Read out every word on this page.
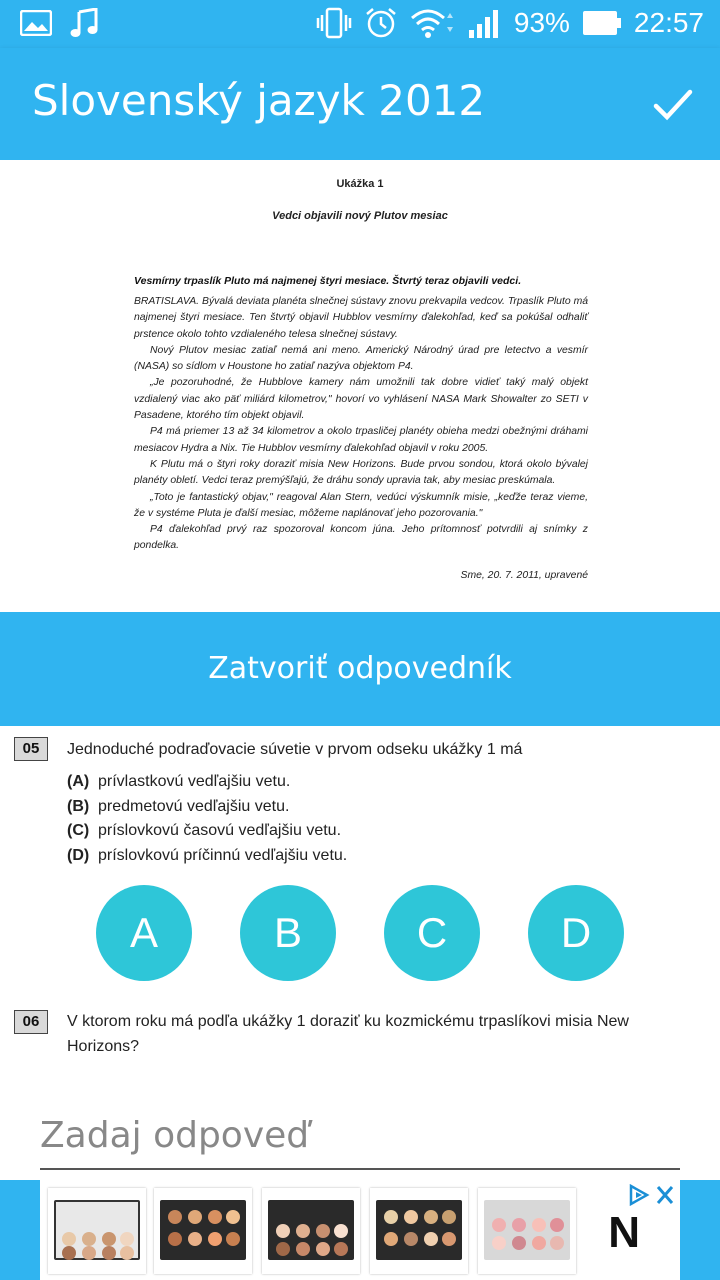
93% 22:57
Slovenský jazyk 2012
Ukážka 1
Vedci objavili nový Plutov mesiac
Vesmírny trpaslík Pluto má najmenej štyri mesiace. Štvrtý teraz objavili vedci.

BRATISLAVA. Bývalá deviata planéta slnečnej sústavy znovu prekvapila vedcov. Trpaslík Pluto má najmenej štyri mesiace. Ten štvrtý objavil Hubblov vesmírny ďalekohľad, keď sa pokúšal odhaliť prstence okolo tohto vzdialeného telesa slnečnej sústavy.

Nový Plutov mesiac zatiaľ nemá ani meno. Americký Národný úrad pre letectvo a vesmír (NASA) so sídlom v Houstone ho zatiaľ nazýva objektom P4.

„Je pozoruhodné, že Hubblove kamery nám umožnili tak dobre vidieť taký malý objekt vzdialený viac ako päť miliárd kilometrov," hovorí vo vyhlásení NASA Mark Showalter zo SETI v Pasadene, ktorého tím objekt objavil.

P4 má priemer 13 až 34 kilometrov a okolo trpasličej planéty obieha medzi obežnými dráhami mesiacov Hydra a Nix. Tie Hubblov vesmírny ďalekohľad objavil v roku 2005.

K Plutu má o štyri roky doraziť misia New Horizons. Bude prvou sondou, ktorá okolo bývalej planéty obletí. Vedci teraz premýšľajú, že dráhu sondy upravia tak, aby mesiac preskúmala.

„Toto je fantastický objav," reagoval Alan Stern, vedúci výskumník misie, „keďže teraz vieme, že v systéme Pluta je ďalší mesiac, môžeme naplánovať jeho pozorovania."

P4 ďalekohľad prvý raz spozoroval koncom júna. Jeho prítomnosť potvrdili aj snímky z pondelka.

Sme, 20. 7. 2011, upravené
Zatvoriť odpovedník
05	Jednoduché podraďovacie súvetie v prvom odseku ukážky 1 má
(A) prívlastkovú vedľajšiu vetu.
(B) predmetovú vedľajšiu vetu.
(C) príslovkovú časovú vedľajšiu vetu.
(D) príslovkovú príčinnú vedľajšiu vetu.
A	B	C	D
06	V ktorom roku má podľa ukážky 1 doraziť ku kozmickému trpaslíkovi misia New Horizons?
Zadaj odpoveď
N
